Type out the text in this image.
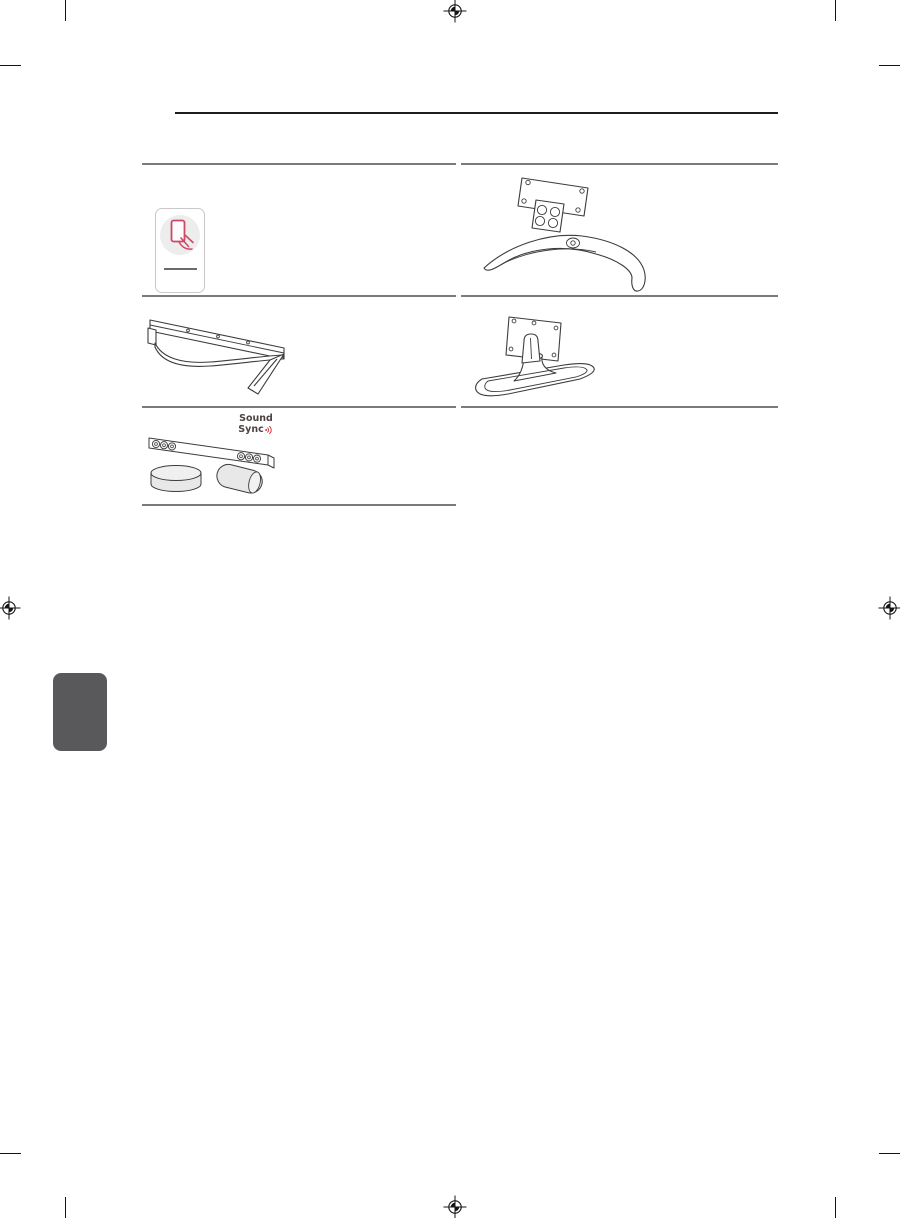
Sound
Sync
